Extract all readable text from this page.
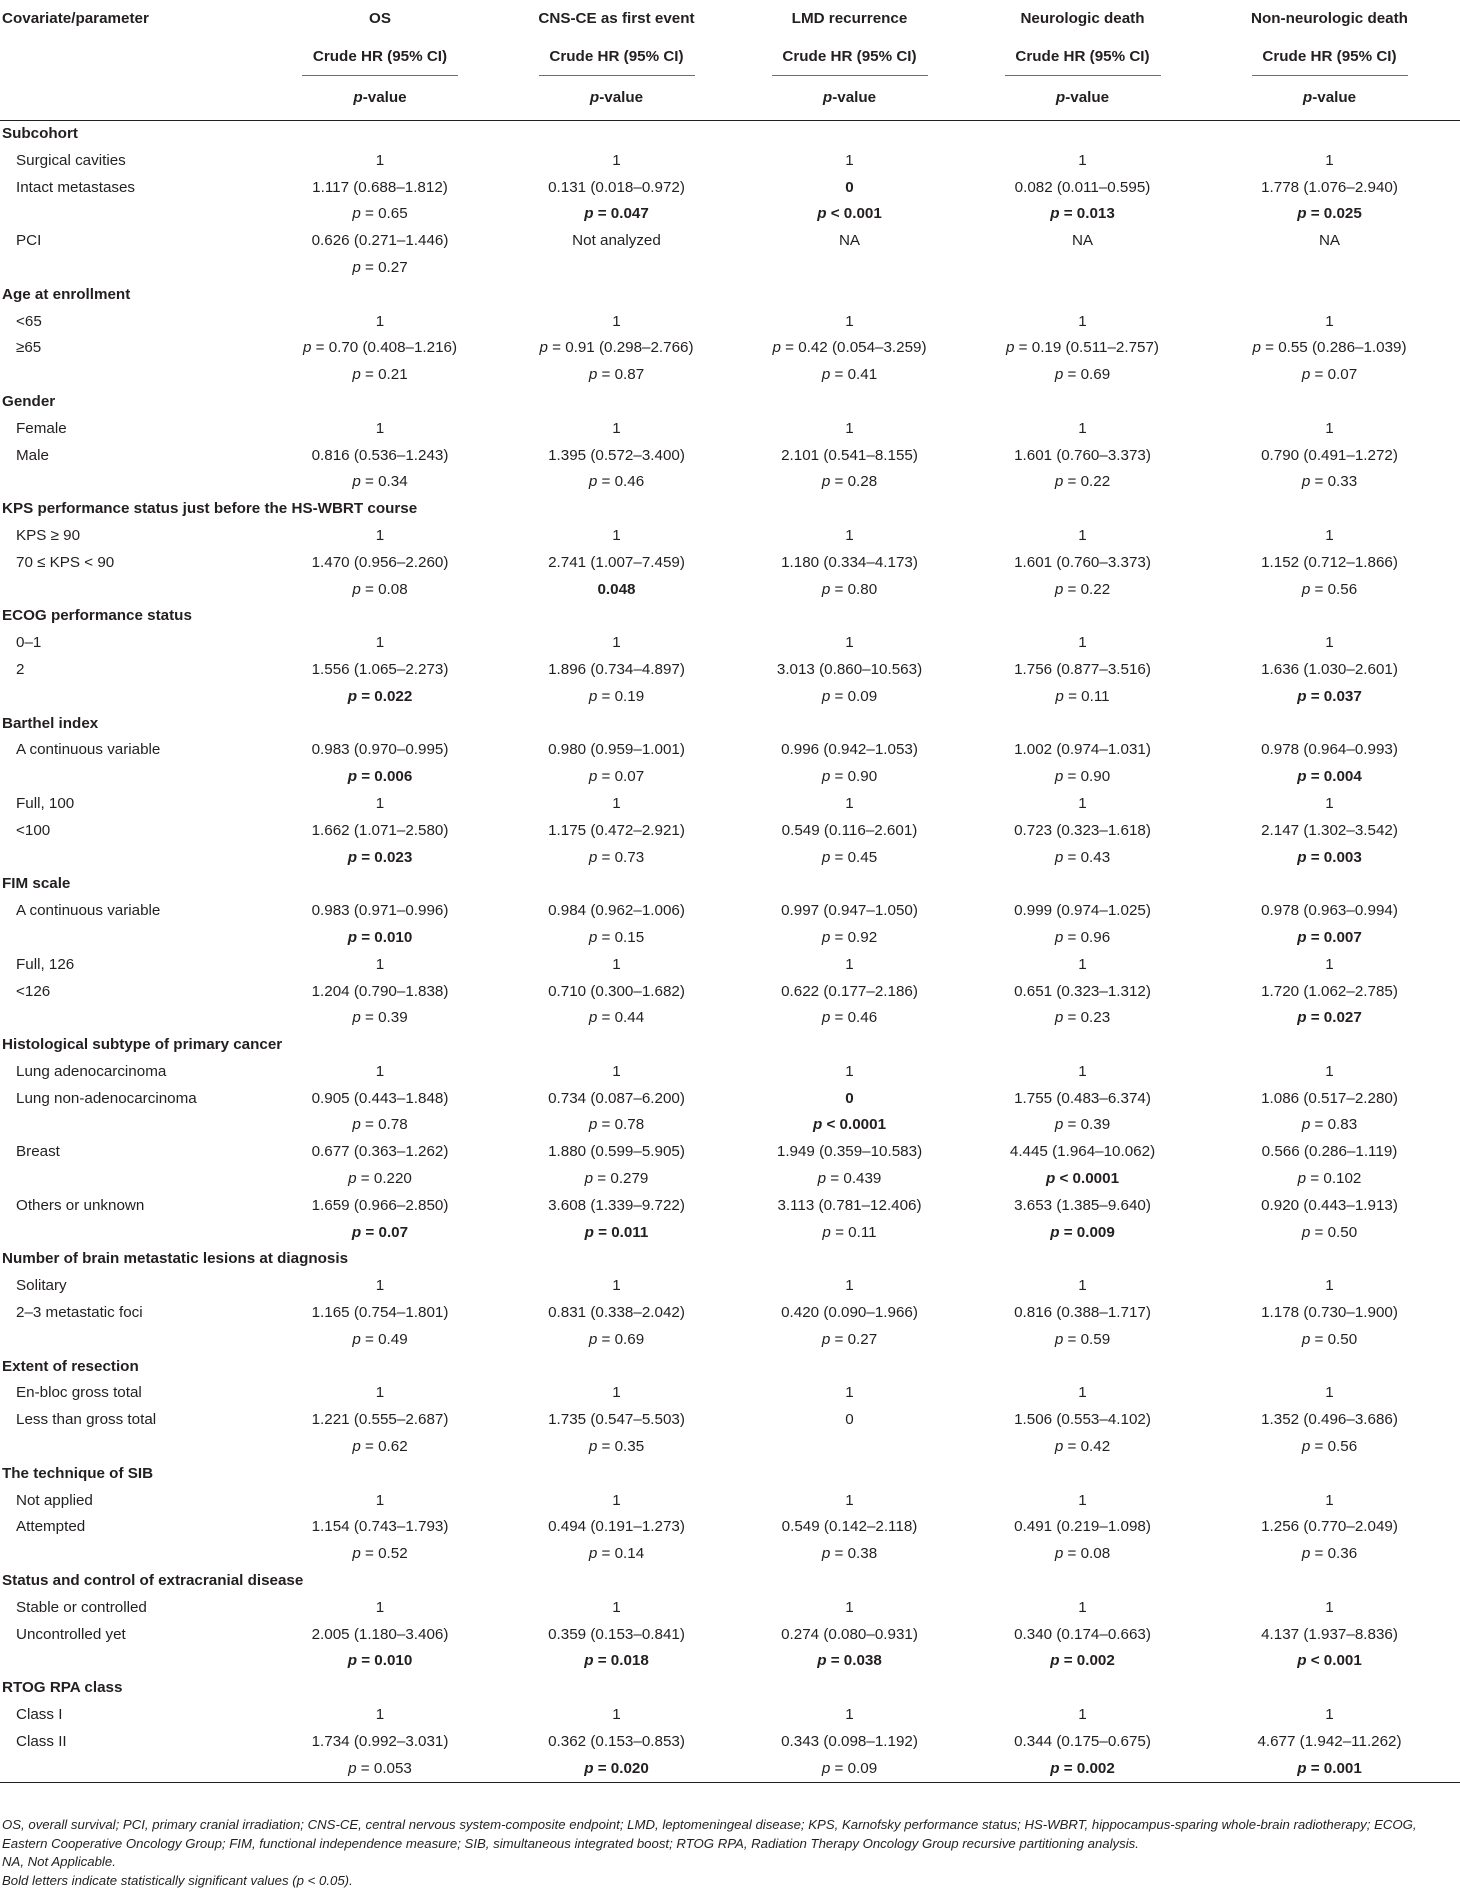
Covariate/parameter	OS	CNS-CE as first event	LMD recurrence	Neurologic death	Non-neurologic death
	Crude HR (95% CI)	Crude HR (95% CI)	Crude HR (95% CI)	Crude HR (95% CI)	Crude HR (95% CI)
	p-value	p-value	p-value	p-value	p-value
Subcohort					
Surgical cavities	1	1	1	1	1
Intact metastases	1.117 (0.688–1.812)	0.131 (0.018–0.972)	0	0.082 (0.011–0.595)	1.778 (1.076–2.940)
	p = 0.65	p = 0.047	p < 0.001	p = 0.013	p = 0.025
PCI	0.626 (0.271–1.446)	Not analyzed	NA	NA	NA
	p = 0.27				
Age at enrollment					
<65	1	1	1	1	1
≥65	p = 0.70 (0.408–1.216)	p = 0.91 (0.298–2.766)	p = 0.42 (0.054–3.259)	p = 0.19 (0.511–2.757)	p = 0.55 (0.286–1.039)
	p = 0.21	p = 0.87	p = 0.41	p = 0.69	p = 0.07
Gender					
Female	1	1	1	1	1
Male	0.816 (0.536–1.243)	1.395 (0.572–3.400)	2.101 (0.541–8.155)	1.601 (0.760–3.373)	0.790 (0.491–1.272)
	p = 0.34	p = 0.46	p = 0.28	p = 0.22	p = 0.33
KPS performance status just before the HS-WBRT course					
KPS ≥ 90	1	1	1	1	1
70 ≤ KPS < 90	1.470 (0.956–2.260)	2.741 (1.007–7.459)	1.180 (0.334–4.173)	1.601 (0.760–3.373)	1.152 (0.712–1.866)
	p = 0.08	0.048	p = 0.80	p = 0.22	p = 0.56
ECOG performance status					
0–1	1	1	1	1	1
2	1.556 (1.065–2.273)	1.896 (0.734–4.897)	3.013 (0.860–10.563)	1.756 (0.877–3.516)	1.636 (1.030–2.601)
	p = 0.022	p = 0.19	p = 0.09	p = 0.11	p = 0.037
Barthel index					
A continuous variable	0.983 (0.970–0.995)	0.980 (0.959–1.001)	0.996 (0.942–1.053)	1.002 (0.974–1.031)	0.978 (0.964–0.993)
	p = 0.006	p = 0.07	p = 0.90	p = 0.90	p = 0.004
Full, 100	1	1	1	1	1
<100	1.662 (1.071–2.580)	1.175 (0.472–2.921)	0.549 (0.116–2.601)	0.723 (0.323–1.618)	2.147 (1.302–3.542)
	p = 0.023	p = 0.73	p = 0.45	p = 0.43	p = 0.003
FIM scale					
A continuous variable	0.983 (0.971–0.996)	0.984 (0.962–1.006)	0.997 (0.947–1.050)	0.999 (0.974–1.025)	0.978 (0.963–0.994)
	p = 0.010	p = 0.15	p = 0.92	p = 0.96	p = 0.007
Full, 126	1	1	1	1	1
<126	1.204 (0.790–1.838)	0.710 (0.300–1.682)	0.622 (0.177–2.186)	0.651 (0.323–1.312)	1.720 (1.062–2.785)
	p = 0.39	p = 0.44	p = 0.46	p = 0.23	p = 0.027
Histological subtype of primary cancer					
Lung adenocarcinoma	1	1	1	1	1
Lung non-adenocarcinoma	0.905 (0.443–1.848)	0.734 (0.087–6.200)	0	1.755 (0.483–6.374)	1.086 (0.517–2.280)
	p = 0.78	p = 0.78	p < 0.0001	p = 0.39	p = 0.83
Breast	0.677 (0.363–1.262)	1.880 (0.599–5.905)	1.949 (0.359–10.583)	4.445 (1.964–10.062)	0.566 (0.286–1.119)
	p = 0.220	p = 0.279	p = 0.439	p < 0.0001	p = 0.102
Others or unknown	1.659 (0.966–2.850)	3.608 (1.339–9.722)	3.113 (0.781–12.406)	3.653 (1.385–9.640)	0.920 (0.443–1.913)
	p = 0.07	p = 0.011	p = 0.11	p = 0.009	p = 0.50
Number of brain metastatic lesions at diagnosis					
Solitary	1	1	1	1	1
2–3 metastatic foci	1.165 (0.754–1.801)	0.831 (0.338–2.042)	0.420 (0.090–1.966)	0.816 (0.388–1.717)	1.178 (0.730–1.900)
	p = 0.49	p = 0.69	p = 0.27	p = 0.59	p = 0.50
Extent of resection					
En-bloc gross total	1	1	1	1	1
Less than gross total	1.221 (0.555–2.687)	1.735 (0.547–5.503)	0	1.506 (0.553–4.102)	1.352 (0.496–3.686)
	p = 0.62	p = 0.35		p = 0.42	p = 0.56
The technique of SIB					
Not applied	1	1	1	1	1
Attempted	1.154 (0.743–1.793)	0.494 (0.191–1.273)	0.549 (0.142–2.118)	0.491 (0.219–1.098)	1.256 (0.770–2.049)
	p = 0.52	p = 0.14	p = 0.38	p = 0.08	p = 0.36
Status and control of extracranial disease					
Stable or controlled	1	1	1	1	1
Uncontrolled yet	2.005 (1.180–3.406)	0.359 (0.153–0.841)	0.274 (0.080–0.931)	0.340 (0.174–0.663)	4.137 (1.937–8.836)
	p = 0.010	p = 0.018	p = 0.038	p = 0.002	p < 0.001
RTOG RPA class					
Class I	1	1	1	1	1
Class II	1.734 (0.992–3.031)	0.362 (0.153–0.853)	0.343 (0.098–1.192)	0.344 (0.175–0.675)	4.677 (1.942–11.262)
	p = 0.053	p = 0.020	p = 0.09	p = 0.002	p = 0.001
OS, overall survival; PCI, primary cranial irradiation; CNS-CE, central nervous system-composite endpoint; LMD, leptomeningeal disease; KPS, Karnofsky performance status; HS-WBRT, hippocampus-sparing whole-brain radiotherapy; ECOG, Eastern Cooperative Oncology Group; FIM, functional independence measure; SIB, simultaneous integrated boost; RTOG RPA, Radiation Therapy Oncology Group recursive partitioning analysis.
NA, Not Applicable.
Bold letters indicate statistically significant values (p < 0.05).
